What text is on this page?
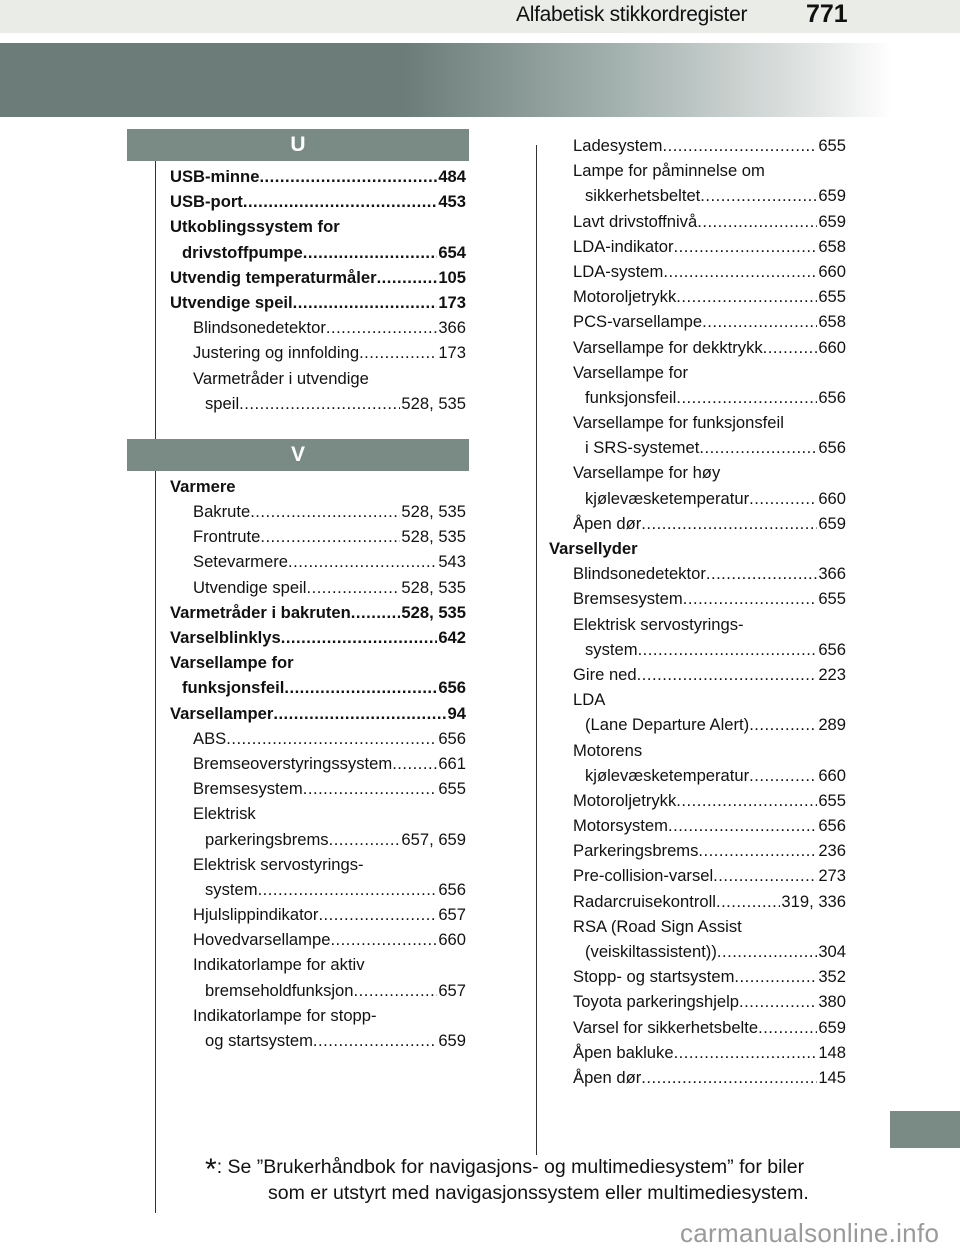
Alfabetisk stikkordregister 771
U
USB-minne .....	484
USB-port .....	453
Utkoblingssystem for
drivstoffpumpe .....	654
Utvendig temperaturmåler .....	105
Utvendige speil .....	173
Blindsonedetektor .....	366
Justering og innfolding .....	173
Varmetråder i utvendige
speil .....	528, 535
V
Varmere
Bakrute .....	528, 535
Frontrute .....	528, 535
Setevarmere .....	543
Utvendige speil .....	528, 535
Varmetråder i bakruten .....	528, 535
Varselblinklys .....	642
Varsellampe for
funksjonsfeil .....	656
Varsellamper .....	94
ABS .....	656
Bremseoverstyringssystem .....	661
Bremsesystem .....	655
Elektrisk
parkeringsbrems .....	657, 659
Elektrisk servostyrings-
system .....	656
Hjulslippindikator .....	657
Hovedvarsellampe .....	660
Indikatorlampe for aktiv
bremseholdfunksjon .....	657
Indikatorlampe for stopp-
og startsystem .....	659
Ladesystem .....	655
Lampe for påminnelse om
sikkerhetsbeltet .....	659
Lavt drivstoffnivå .....	659
LDA-indikator .....	658
LDA-system .....	660
Motoroljetrykk .....	655
PCS-varsellampe .....	658
Varsellampe for dekktrykk .....	660
Varsellampe for
funksjonsfeil .....	656
Varsellampe for funksjonsfeil
i SRS-systemet .....	656
Varsellampe for høy
kjølevæsketemperatur .....	660
Åpen dør .....	659
Varsellyder
Blindsonedetektor .....	366
Bremsesystem .....	655
Elektrisk servostyrings-
system .....	656
Gire ned .....	223
LDA
(Lane Departure Alert) .....	289
Motorens
kjølevæsketemperatur .....	660
Motoroljetrykk .....	655
Motorsystem .....	656
Parkeringsbrems .....	236
Pre-collision-varsel .....	273
Radarcruisekontroll .....	319, 336
RSA (Road Sign Assist
(veiskiltassistent)) .....	304
Stopp- og startsystem .....	352
Toyota parkeringshjelp .....	380
Varsel for sikkerhetsbelte .....	659
Åpen bakluke .....	148
Åpen dør .....	145
*: Se ”Brukerhåndbok for navigasjons- og multimediesystem” for biler
som er utstyrt med navigasjonssystem eller multimediesystem.
carmanualsonline.info
